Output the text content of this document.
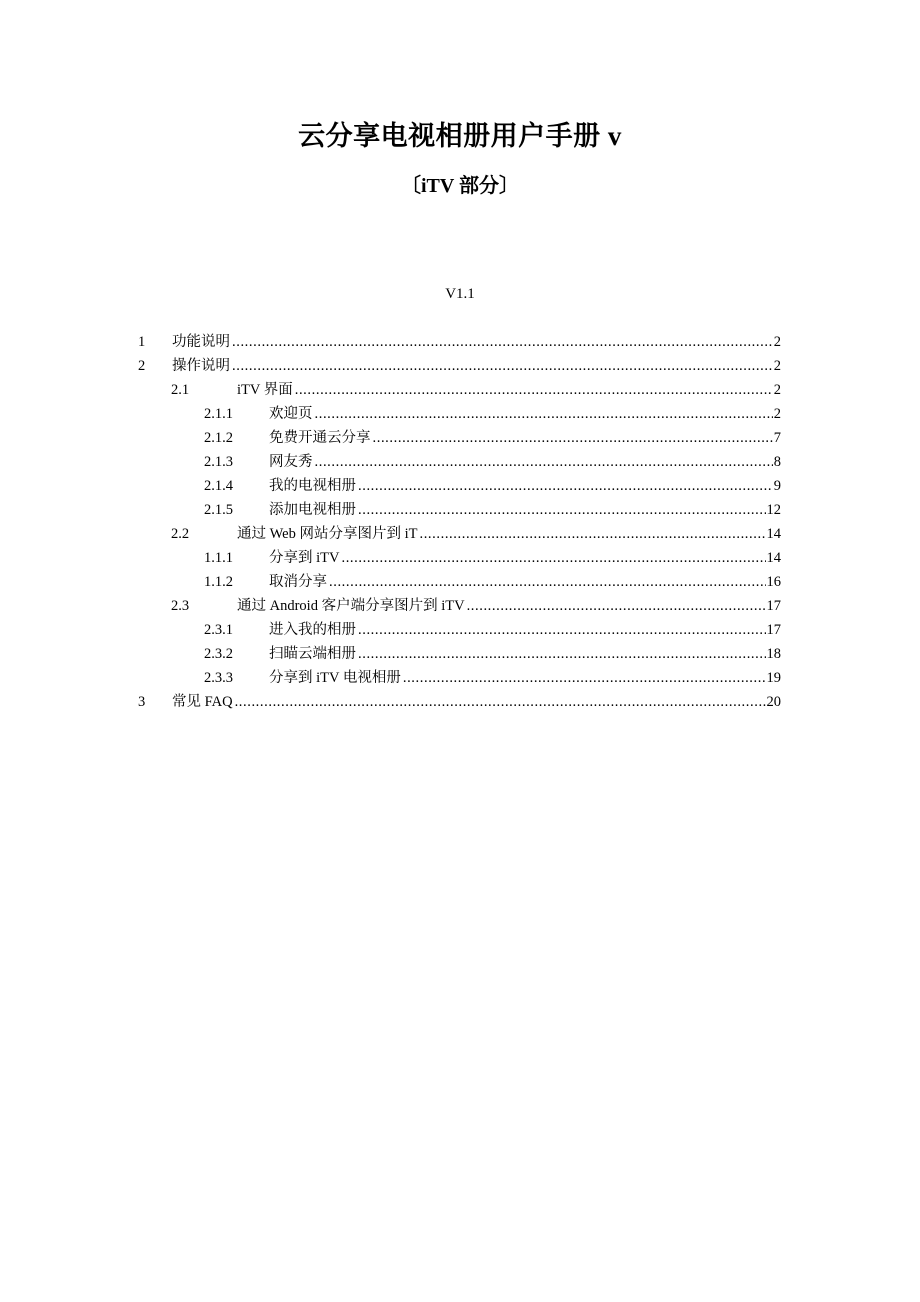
云分享电视相册用户手册 v
〔iTV 部分〕
V1.1
1 功能说明 .....	2
2 操作说明 .....	2
2.1	iTV 界面 .....	2
2.1.1 欢迎页 .....	2
2.1.2 免费开通云分享 .....	7
2.1.3 网友秀 .....	8
2.1.4 我的电视相册 .....	9
2.1.5 添加电视相册 .....	12
2.2	通过 Web 网站分享图片到 iT .....	14
1.1.1 分享到 iTV .....	14
1.1.2 取消分享 .....	16
2.3	通过 Android 客户端分享图片到 iTV .....	17
2.3.1 进入我的相册 .....	17
2.3.2 扫瞄云端相册 .....	18
2.3.3 分享到 iTV 电视相册 .....	19
3 常见 FAQ .....	20
